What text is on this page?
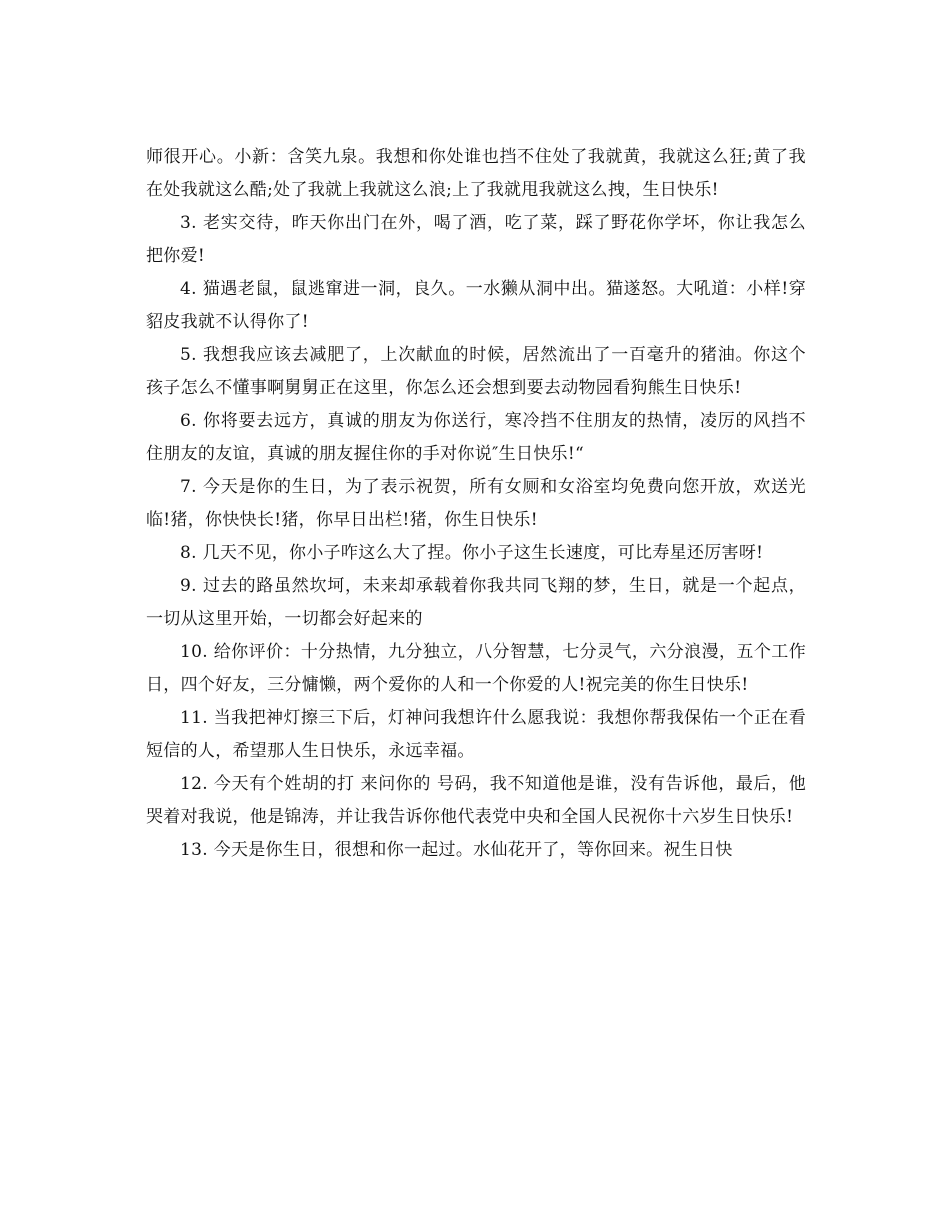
师很开心。小新：含笑九泉。我想和你处谁也挡不住处了我就黄，我就这么狂;黄了我在处我就这么酷;处了我就上我就这么浪;上了我就甩我就这么拽，生日快乐!

3. 老实交待，昨天你出门在外，喝了酒，吃了菜，踩了野花你学坏，你让我怎么把你爱!

4. 猫遇老鼠，鼠逃窜进一洞，良久。一水獭从洞中出。猫遂怒。大吼道：小样!穿貂皮我就不认得你了!

5. 我想我应该去减肥了，上次献血的时候，居然流出了一百毫升的猪油。你这个孩子怎么不懂事啊舅舅正在这里，你怎么还会想到要去动物园看狗熊生日快乐!

6. 你将要去远方，真诚的朋友为你送行，寒冷挡不住朋友的热情，凌厉的风挡不住朋友的友谊，真诚的朋友握住你的手对你说″生日快乐!“

7. 今天是你的生日，为了表示祝贺，所有女厕和女浴室均免费向您开放，欢送光临!猪，你快快长!猪，你早日出栏!猪，你生日快乐!

8. 几天不见，你小子咋这么大了捏。你小子这生长速度，可比寿星还厉害呀!

9. 过去的路虽然坎坷，未来却承载着你我共同飞翔的梦，生日，就是一个起点，一切从这里开始，一切都会好起来的

10. 给你评价：十分热情，九分独立，八分智慧，七分灵气，六分浪漫，五个工作日，四个好友，三分慵懒，两个爱你的人和一个你爱的人!祝完美的你生日快乐!

11. 当我把神灯擦三下后，灯神问我想许什么愿我说：我想你帮我保佑一个正在看短信的人，希望那人生日快乐，永远幸福。

12. 今天有个姓胡的打 来问你的 号码，我不知道他是谁，没有告诉他，最后，他哭着对我说，他是锦涛，并让我告诉你他代表党中央和全国人民祝你十六岁生日快乐!

13. 今天是你生日，很想和你一起过。水仙花开了，等你回来。祝生日快
